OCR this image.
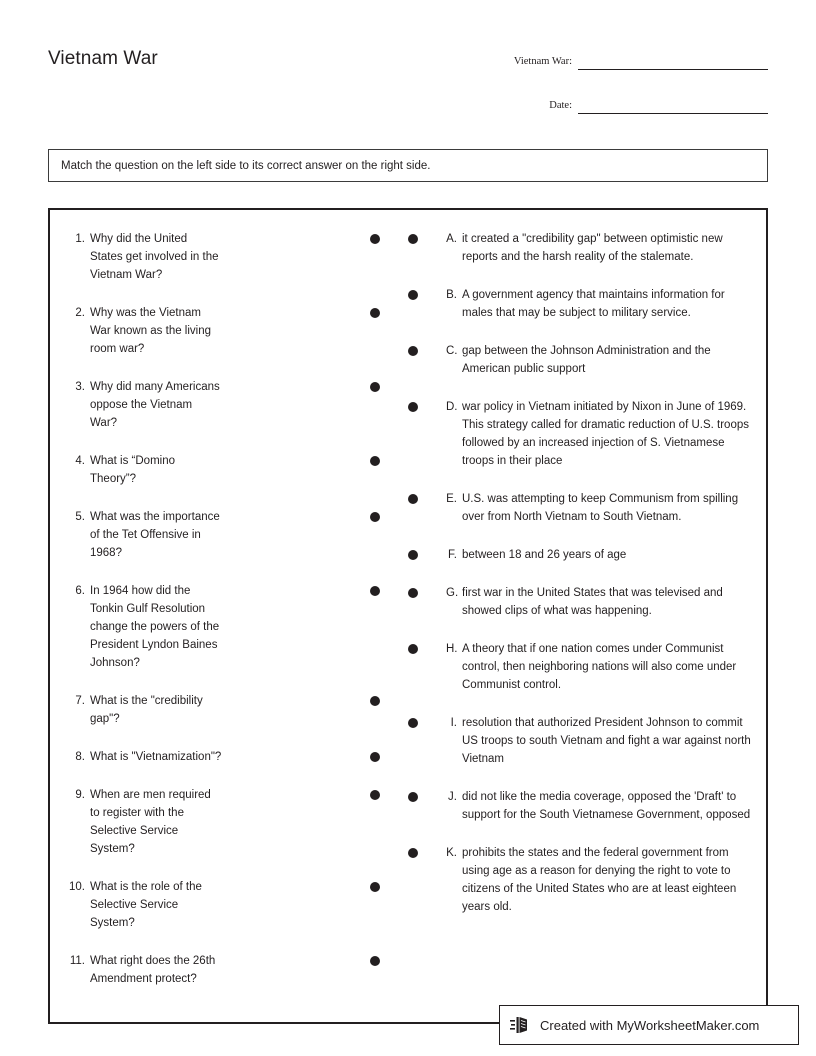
Vietnam War	Vietnam War:
Date:
Match the question on the left side to its correct answer on the right side.
1. Why did the United States get involved in the Vietnam War?
2. Why was the Vietnam War known as the living room war?
3. Why did many Americans oppose the Vietnam War?
4. What is “Domino Theory”?
5. What was the importance of the Tet Offensive in 1968?
6. In 1964 how did the Tonkin Gulf Resolution change the powers of the President Lyndon Baines Johnson?
7. What is the "credibility gap"?
8. What is "Vietnamization"?
9. When are men required to register with the Selective Service System?
10. What is the role of the Selective Service System?
11. What right does the 26th Amendment protect?
A. it created a "credibility gap" between optimistic new reports and the harsh reality of the stalemate.
B. A government agency that maintains information for males that may be subject to military service.
C. gap between the Johnson Administration and the American public support
D. war policy in Vietnam initiated by Nixon in June of 1969. This strategy called for dramatic reduction of U.S. troops followed by an increased injection of S. Vietnamese troops in their place
E. U.S. was attempting to keep Communism from spilling over from North Vietnam to South Vietnam.
F. between 18 and 26 years of age
G. first war in the United States that was televised and showed clips of what was happening.
H. A theory that if one nation comes under Communist control, then neighboring nations will also come under Communist control.
I. resolution that authorized President Johnson to commit US troops to south Vietnam and fight a war against north Vietnam
J. did not like the media coverage, opposed the 'Draft' to support for the South Vietnamese Government, opposed
K. prohibits the states and the federal government from using age as a reason for denying the right to vote to citizens of the United States who are at least eighteen years old.
Created with MyWorksheetMaker.com
